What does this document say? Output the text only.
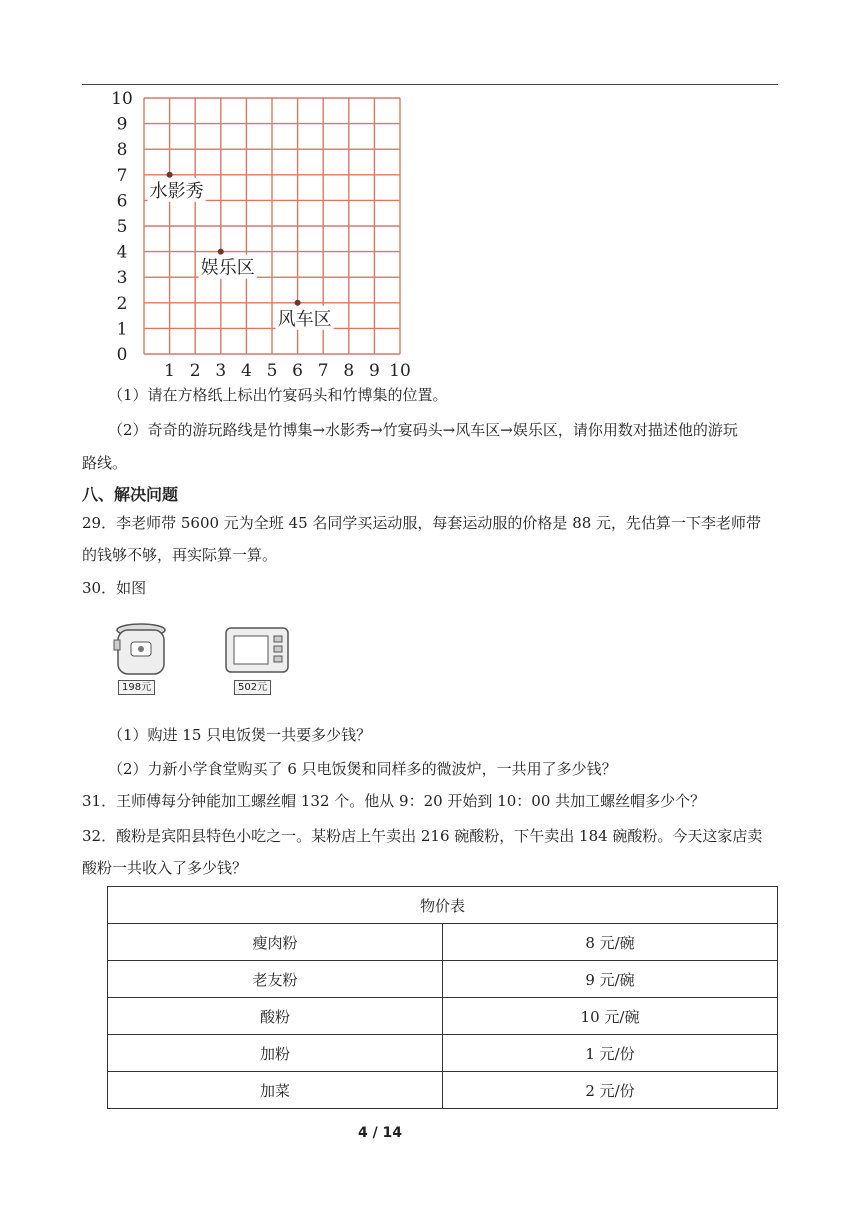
1 2 3 4 5 6 7 8 9 10
0
1
2
3
4
5
6
7
8
9
10
水影秀
娱乐区
风车区
（1）请在方格纸上标出竹宴码头和竹博集的位置。
（2）奇奇的游玩路线是竹博集→水影秀→竹宴码头→风车区→娱乐区，请你用数对描述他的游玩
路线。
八、解决问题
29．李老师带 5600 元为全班 45 名同学买运动服，每套运动服的价格是 88 元，先估算一下李老师带
的钱够不够，再实际算一算。
30．如图
198元	502元
（1）购进 15 只电饭煲一共要多少钱？
（2）力新小学食堂购买了 6 只电饭煲和同样多的微波炉，一共用了多少钱？
31．王师傅每分钟能加工螺丝帽 132 个。他从 9：20 开始到 10：00 共加工螺丝帽多少个？
32．酸粉是宾阳县特色小吃之一。某粉店上午卖出 216 碗酸粉，下午卖出 184 碗酸粉。今天这家店卖
酸粉一共收入了多少钱？
物价表	
瘦肉粉	8 元/碗
老友粉	9 元/碗
酸粉	10 元/碗
加粉	1 元/份
加菜	2 元/份
4 / 14
